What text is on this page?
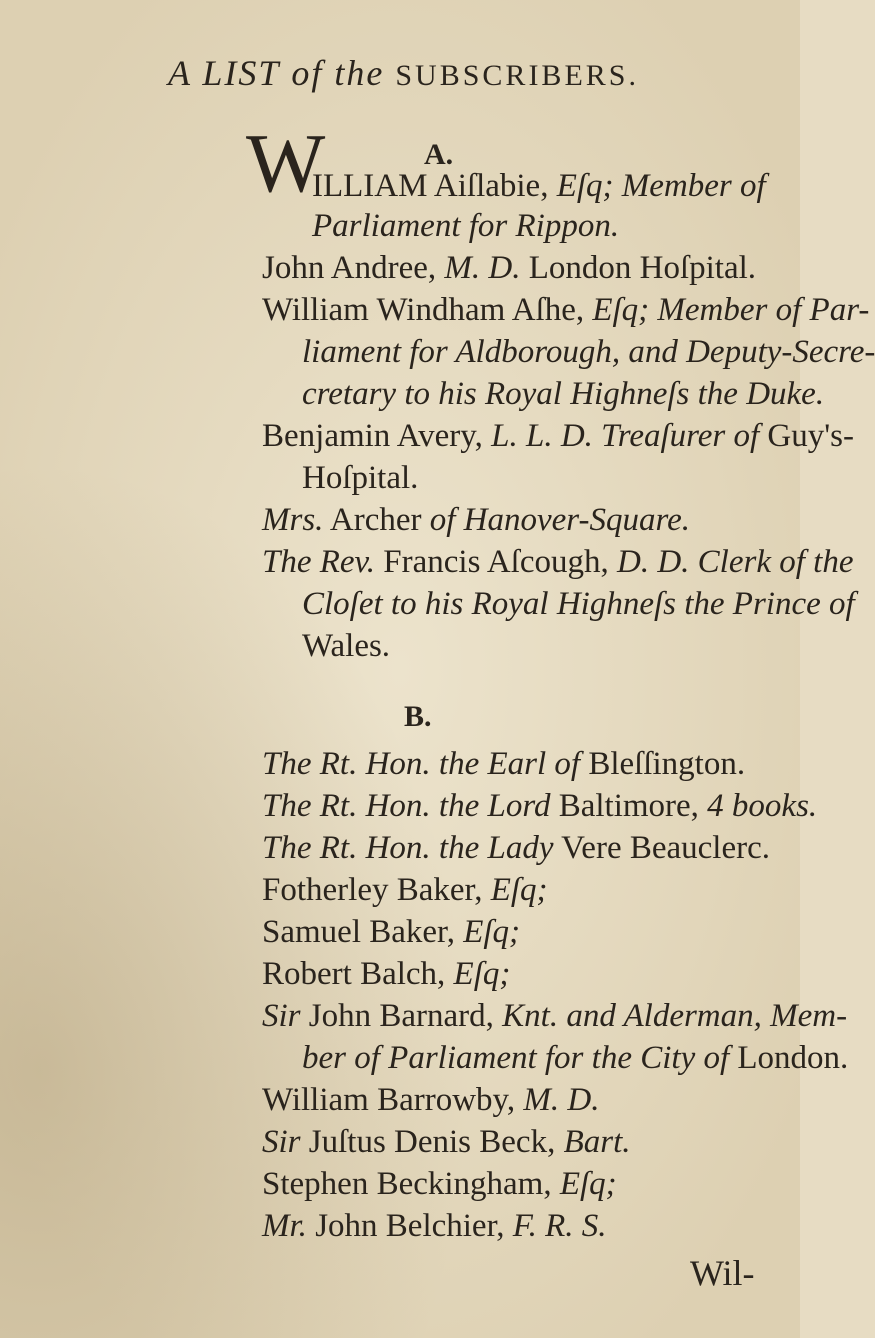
A LIST of the SUBSCRIBERS.
A.
W
ILLIAM Aiſlabie, Eſq; Member of
Parliament for Rippon.
John Andree, M. D. London Hoſpital.
William Windham Aſhe, Eſq; Member of Par-
liament for Aldborough, and Deputy-Secre-
cretary to his Royal Highneſs the Duke.
Benjamin Avery, L. L. D. Treaſurer of Guy's-
Hoſpital.
Mrs. Archer of Hanover-Square.
The Rev. Francis Aſcough, D. D. Clerk of the
Cloſet to his Royal Highneſs the Prince of
Wales.
B.
The Rt. Hon. the Earl of Bleſſington.
The Rt. Hon. the Lord Baltimore, 4 books.
The Rt. Hon. the Lady Vere Beauclerc.
Fotherley Baker, Eſq;
Samuel Baker, Eſq;
Robert Balch, Eſq;
Sir John Barnard, Knt. and Alderman, Mem-
ber of Parliament for the City of London.
William Barrowby, M. D.
Sir Juſtus Denis Beck, Bart.
Stephen Beckingham, Eſq;
Mr. John Belchier, F. R. S.
Wil-
